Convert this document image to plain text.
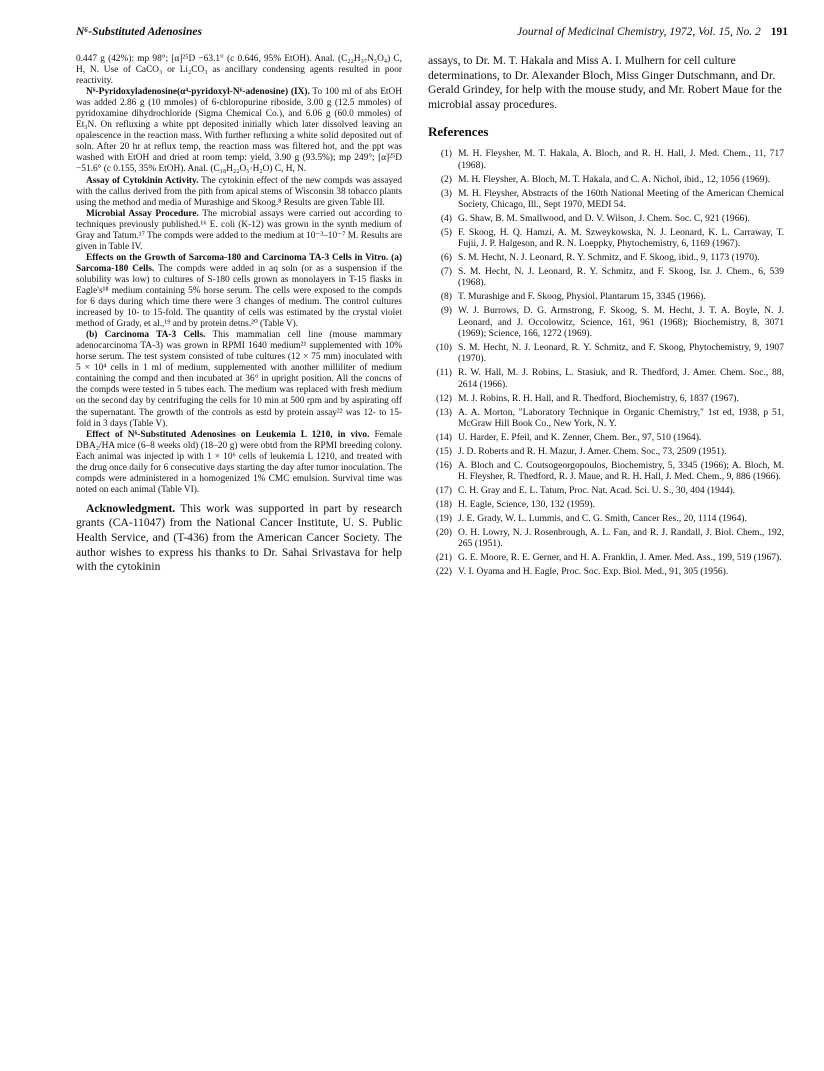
N⁶-Substituted Adenosines	Journal of Medicinal Chemistry, 1972, Vol. 15, No. 2 191

0.447 g (42%): mp 98°; [α]²⁵D −63.1° (c 0.646, 95% EtOH). Anal. (C₂₂H₃₇N₅O₄) C, H, N. Use of CaCO₃ or Li₂CO₃ as ancillary condensing agents resulted in poor reactivity.

N⁶-Pyridoxyladenosine(α⁴-pyridoxyl-N⁶-adenosine) (IX). To 100 ml of abs EtOH was added 2.86 g (10 mmoles) of 6-chloropurine riboside, 3.00 g (12.5 mmoles) of pyridoxamine dihydrochloride (Sigma Chemical Co.), and 6.06 g (60.0 mmoles) of Et₃N. On refluxing a white ppt deposited initially which later dissolved leaving an opalescence in the reaction mass. With further refluxing a white solid deposited out of soln. After 20 hr at reflux temp, the reaction mass was filtered hot, and the ppt was washed with EtOH and dried at room temp: yield, 3.90 g (93.5%); mp 249°; [α]²⁵D −51.6° (c 0.155, 35% EtOH). Anal. (C₁₈H₂₂O₅·H₂O) C, H, N.

Assay of Cytokinin Activity. The cytokinin effect of the new compds was assayed with the callus derived from the pith from apical stems of Wisconsin 38 tobacco plants using the method and media of Murashige and Skoog.⁸ Results are given Table III.

Microbial Assay Procedure. The microbial assays were carried out according to techniques previously published.¹⁶ E. coli (K-12) was grown in the synth medium of Gray and Tatum.¹⁷ The compds were added to the medium at 10⁻³–10⁻⁷ M. Results are given in Table IV.

Effects on the Growth of Sarcoma-180 and Carcinoma TA-3 Cells in Vitro. (a) Sarcoma-180 Cells. The compds were added in aq soln (or as a suspension if the solubility was low) to cultures of S-180 cells grown as monolayers in T-15 flasks in Eagle's¹⁸ medium containing 5% horse serum. The cells were exposed to the compds for 6 days during which time there were 3 changes of medium. The control cultures increased by 10- to 15-fold. The quantity of cells was estimated by the crystal violet method of Grady, et al.,¹⁹ and by protein detns.²⁰ (Table V).

(b) Carcinoma TA-3 Cells. This mammalian cell line (mouse mammary adenocarcinoma TA-3) was grown in RPMI 1640 medium²¹ supplemented with 10% horse serum. The test system consisted of tube cultures (12 × 75 mm) inoculated with 5 × 10⁴ cells in 1 ml of medium, supplemented with another milliliter of medium containing the compd and then incubated at 36° in upright position. All the concns of the compds were tested in 5 tubes each. The medium was replaced with fresh medium on the second day by centrifuging the cells for 10 min at 500 rpm and by aspirating off the supernatant. The growth of the controls as estd by protein assay²² was 12- to 15-fold in 3 days (Table V).

Effect of N⁶-Substituted Adenosines on Leukemia L 1210, in vivo. Female DBA₂/HA mice (6–8 weeks old) (18–20 g) were obtd from the RPMI breeding colony. Each animal was injected ip with 1 × 10⁶ cells of leukemia L 1210, and treated with the drug once daily for 6 consecutive days starting the day after tumor inoculation. The compds were administered in a homogenized 1% CMC emulsion. Survival time was noted on each animal (Table VI).

Acknowledgment. This work was supported in part by research grants (CA-11047) from the National Cancer Institute, U. S. Public Health Service, and (T-436) from the American Cancer Society. The author wishes to express his thanks to Dr. Sahai Srivastava for help with the cytokinin

assays, to Dr. M. T. Hakala and Miss A. I. Mulhern for cell culture determinations, to Dr. Alexander Bloch, Miss Ginger Dutschmann, and Dr. Gerald Grindey, for help with the mouse study, and Mr. Robert Maue for the microbial assay procedures.

References
(1) M. H. Fleysher, M. T. Hakala, A. Bloch, and R. H. Hall, J. Med. Chem., 11, 717 (1968).
(2) M. H. Fleysher, A. Bloch, M. T. Hakala, and C. A. Nichol, ibid., 12, 1056 (1969).
(3) M. H. Fleysher, Abstracts of the 160th National Meeting of the American Chemical Society, Chicago, Ill., Sept 1970, MEDI 54.
(4) G. Shaw, B. M. Smallwood, and D. V. Wilson, J. Chem. Soc. C, 921 (1966).
(5) F. Skoog, H. Q. Hamzi, A. M. Szweykowska, N. J. Leonard, K. L. Carraway, T. Fujii, J. P. Halgeson, and R. N. Loeppky, Phytochemistry, 6, 1169 (1967).
(6) S. M. Hecht, N. J. Leonard, R. Y. Schmitz, and F. Skoog, ibid., 9, 1173 (1970).
(7) S. M. Hecht, N. J. Leonard, R. Y. Schmitz, and F. Skoog, Isr. J. Chem., 6, 539 (1968).
(8) T. Murashige and F. Skoog, Physiol. Plantarum 15, 3345 (1966).
(9) W. J. Burrows, D. G. Armstrong, F. Skoog, S. M. Hecht, J. T. A. Boyle, N. J. Leonard, and J. Occolowitz, Science, 161, 961 (1968); Biochemistry, 8, 3071 (1969); Science, 166, 1272 (1969).
(10) S. M. Hecht, N. J. Leonard, R. Y. Schmitz, and F. Skoog, Phytochemistry, 9, 1907 (1970).
(11) R. W. Hall, M. J. Robins, L. Stasiuk, and R. Thedford, J. Amer. Chem. Soc., 88, 2614 (1966).
(12) M. J. Robins, R. H. Hall, and R. Thedford, Biochemistry, 6, 1837 (1967).
(13) A. A. Morton, "Laboratory Technique in Organic Chemistry," 1st ed, 1938, p 51, McGraw Hill Book Co., New York, N. Y.
(14) U. Harder, E. Pfeil, and K. Zenner, Chem. Ber., 97, 510 (1964).
(15) J. D. Roberts and R. H. Mazur, J. Amer. Chem. Soc., 73, 2509 (1951).
(16) A. Bloch and C. Coutsogeorgopoulos, Biochemistry, 5, 3345 (1966); A. Bloch, M. H. Fleysher, R. Thedford, R. J. Maue, and R. H. Hall, J. Med. Chem., 9, 886 (1966).
(17) C. H. Gray and E. L. Tatum, Proc. Nat. Acad. Sci. U. S., 30, 404 (1944).
(18) H. Eagle, Science, 130, 132 (1959).
(19) J. E. Grady, W. L. Lummis, and C. G. Smith, Cancer Res., 20, 1114 (1964).
(20) O. H. Lowry, N. J. Rosenbrough, A. L. Fan, and R. J. Randall, J. Biol. Chem., 192, 265 (1951).
(21) G. E. Moore, R. E. Gerner, and H. A. Franklin, J. Amer. Med. Ass., 199, 519 (1967).
(22) V. I. Oyama and H. Eagle, Proc. Soc. Exp. Biol. Med., 91, 305 (1956).
